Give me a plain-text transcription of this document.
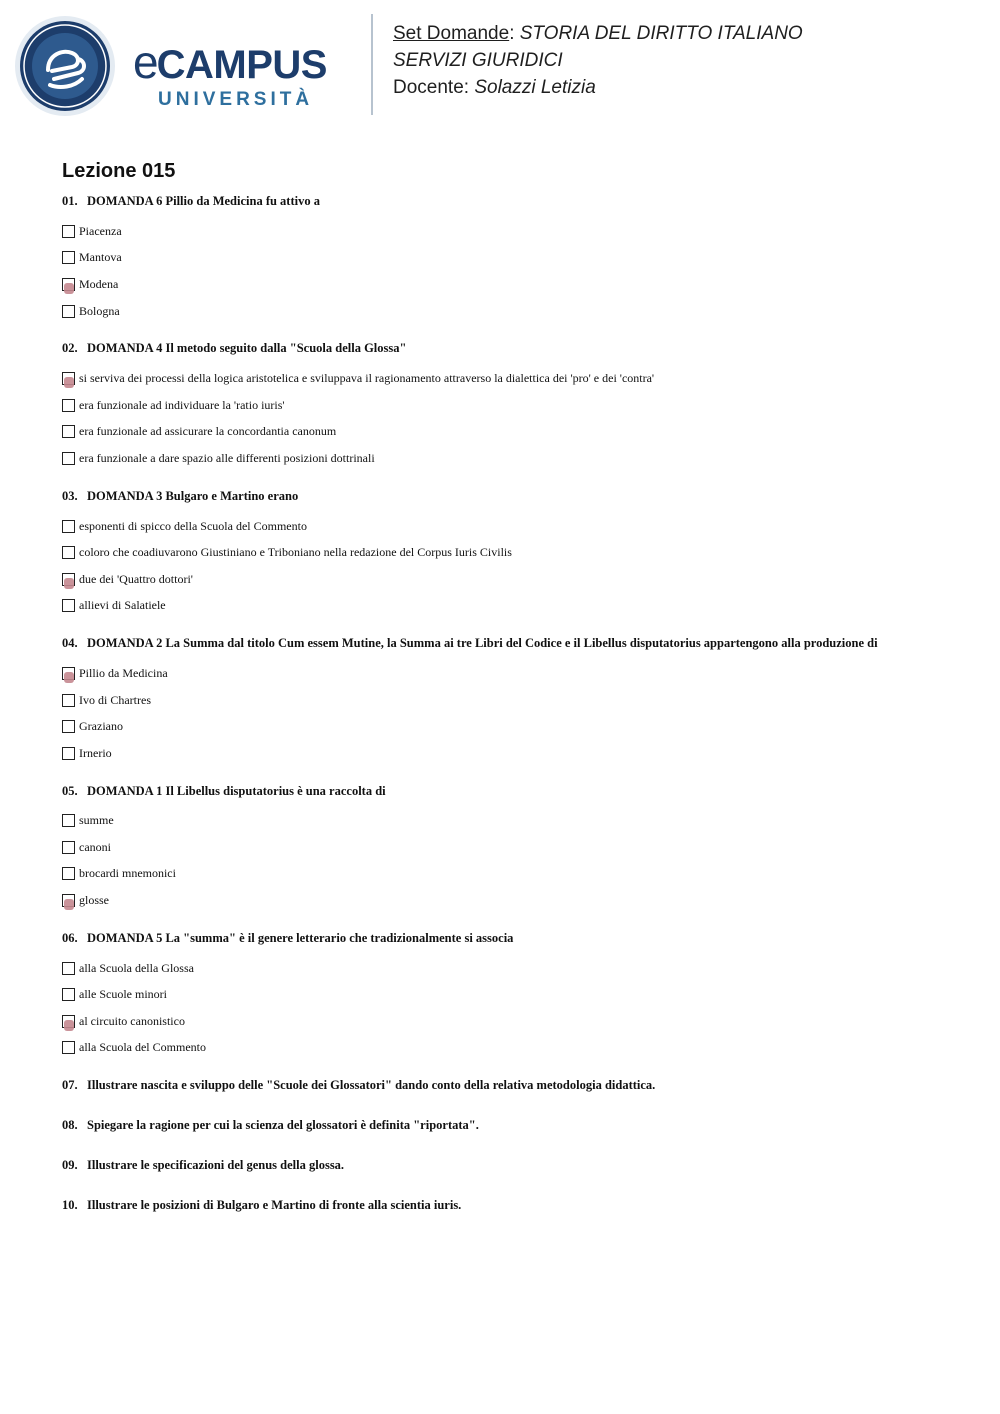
eCAMPUS
UNIVERSITÀ
Set Domande: STORIA DEL DIRITTO ITALIANO
SERVIZI GIURIDICI
Docente: Solazzi Letizia
Lezione 015
01. DOMANDA 6 Pillio da Medicina fu attivo a
Piacenza
Mantova
Modena
Bologna
02. DOMANDA 4 Il metodo seguito dalla "Scuola della Glossa"
si serviva dei processi della logica aristotelica e sviluppava il ragionamento attraverso la dialettica dei 'pro' e dei 'contra'
era funzionale ad individuare la 'ratio iuris'
era funzionale ad assicurare la concordantia canonum
era funzionale a dare spazio alle differenti posizioni dottrinali
03. DOMANDA 3 Bulgaro e Martino erano
esponenti di spicco della Scuola del Commento
coloro che coadiuvarono Giustiniano e Triboniano nella redazione del Corpus Iuris Civilis
due dei 'Quattro dottori'
allievi di Salatiele
04. DOMANDA 2 La Summa dal titolo Cum essem Mutine, la Summa ai tre Libri del Codice e il Libellus disputatorius appartengono alla produzione di
Pillio da Medicina
Ivo di Chartres
Graziano
Irnerio
05. DOMANDA 1 Il Libellus disputatorius è una raccolta di
summe
canoni
brocardi mnemonici
glosse
06. DOMANDA 5 La "summa" è il genere letterario che tradizionalmente si associa
alla Scuola della Glossa
alle Scuole minori
al circuito canonistico
alla Scuola del Commento
07. Illustrare nascita e sviluppo delle "Scuole dei Glossatori" dando conto della relativa metodologia didattica.
08. Spiegare la ragione per cui la scienza del glossatori è definita "riportata".
09. Illustrare le specificazioni del genus della glossa.
10. Illustrare le posizioni di Bulgaro e Martino di fronte alla scientia iuris.
